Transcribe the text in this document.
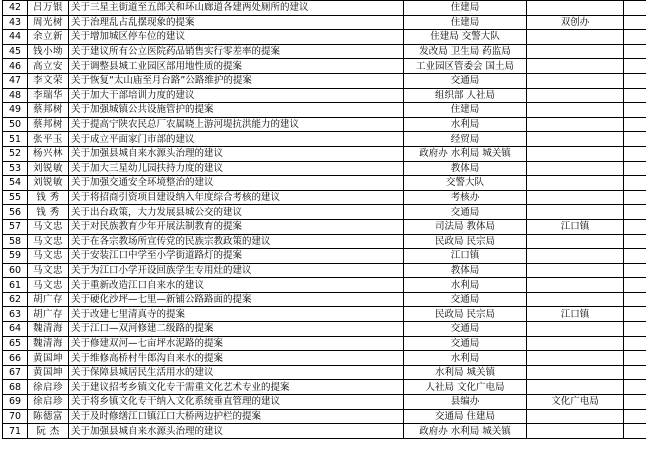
42	吕万银	关于三星主街道至五郎关和环山廊道各建两处厕所的建议	住建局		
43	周光树	关于治理乱占乱摆现象的提案	住建局	双创办	
44	余立新	关于增加城区停车位的建议	住建局 交警大队		
45	钱小坳	关于建议所有公立医院药品销售实行零差率的提案	发改局 卫生局 药监局		
46	高立安	关于调整县城工业园区部用地性质的提案	工业园区管委会 国土局		
47	李文荣	关于恢复“太山庙至月台路”公路维护的提案	交通局		
48	李瑞华	关于加大干部培训力度的建议	组织部 人社局		
49	蔡邦树	关于加强城镇公共设施管护的提案	住建局		
50	蔡邦树	关于提高宁陕农民总厂农属晓上游河堤抗洪能力的建议	水利局		
51	张平玉	关于成立平面家门市部的建议	经贸局		
52	杨兴林	关于加强县城自来水源头治理的建议	政府办 水利局 城关镇		
53	刘锐敏	关于加大三星幼儿园扶持力度的建议	教体局		
54	刘锐敏	关于加强交通安全环境整治的建议	交警大队		
55	钱 秀	关于将招商引资项目建设纳入年度综合考核的建议	考核办		
56	钱 秀	关于出台政策，大力发展县城公交的建议	交通局		
57	马文忠	关于对民族教育少年开展法制教育的提案	司法局 教体局	江口镇	
58	马文忠	关于在各宗教场所宣传党的民族宗教政策的建议	民政局 民宗局		
59	马文忠	关于安装江口中学至小学街道路灯的提案	江口镇		
60	马文忠	关于为江口小学开设回族学生专用灶的建议	教体局		
61	马文忠	关于重新改造江口自来水的建议	水利局		
62	胡广存	关于硬化沙坪—七里—新铺公路路面的提案	交通局		
63	胡广存	关于改建七里清真寺的提案	民政局 民宗局	江口镇	
64	魏清海	关于江口—双河修建二级路的提案	交通局		
65	魏清海	关于修建双河—七亩坪水泥路的提案	交通局		
66	黄国坤	关于维修高桥村牛郎沟自来水的提案	水利局		
67	黄国坤	关于保障县城居民生活用水的建议	水利局 城关镇		
68	徐启珍	关于建议招考乡镇文化专干需重文化艺术专业的提案	人社局 文化广电局		
69	徐启珍	关于将乡镇文化专干纳入文化系统垂直管理的建议	县编办	文化广电局	
70	陈德富	关于及时修缮江口镇江口大桥两边护栏的提案	交通局 住建局		
71	阮 杰	关于加强县城自来水源头治理的建议	政府办 水利局 城关镇		
